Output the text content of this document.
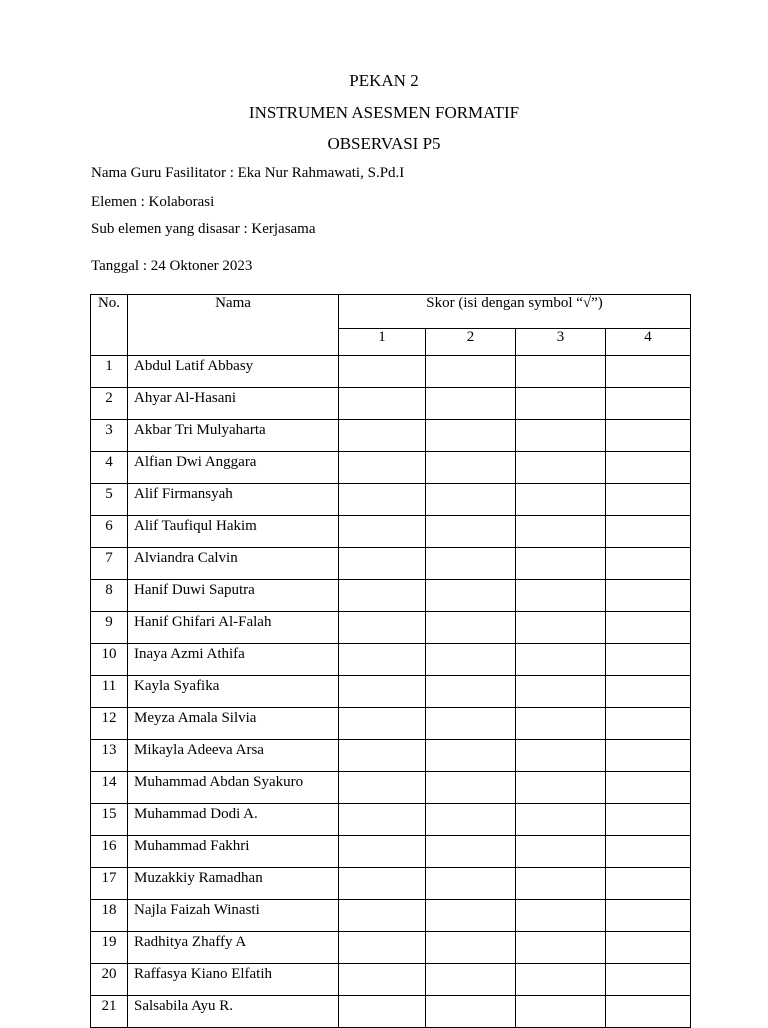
PEKAN 2
INSTRUMEN ASESMEN FORMATIF
OBSERVASI P5
Nama Guru Fasilitator : Eka Nur Rahmawati, S.Pd.I
Elemen : Kolaborasi
Sub elemen yang disasar : Kerjasama
Tanggal : 24 Oktoner 2023
No.	Nama	Skor (isi dengan symbol “√”)			
		1	2	3	4
1	Abdul Latif Abbasy				
2	Ahyar Al-Hasani				
3	Akbar Tri Mulyaharta				
4	Alfian Dwi Anggara				
5	Alif Firmansyah				
6	Alif Taufiqul Hakim				
7	Alviandra Calvin				
8	Hanif Duwi Saputra				
9	Hanif Ghifari Al-Falah				
10	Inaya Azmi Athifa				
11	Kayla Syafika				
12	Meyza Amala Silvia				
13	Mikayla Adeeva Arsa				
14	Muhammad Abdan Syakuro				
15	Muhammad Dodi A.				
16	Muhammad Fakhri				
17	Muzakkiy Ramadhan				
18	Najla Faizah Winasti				
19	Radhitya Zhaffy A				
20	Raffasya Kiano Elfatih				
21	Salsabila Ayu R.				
